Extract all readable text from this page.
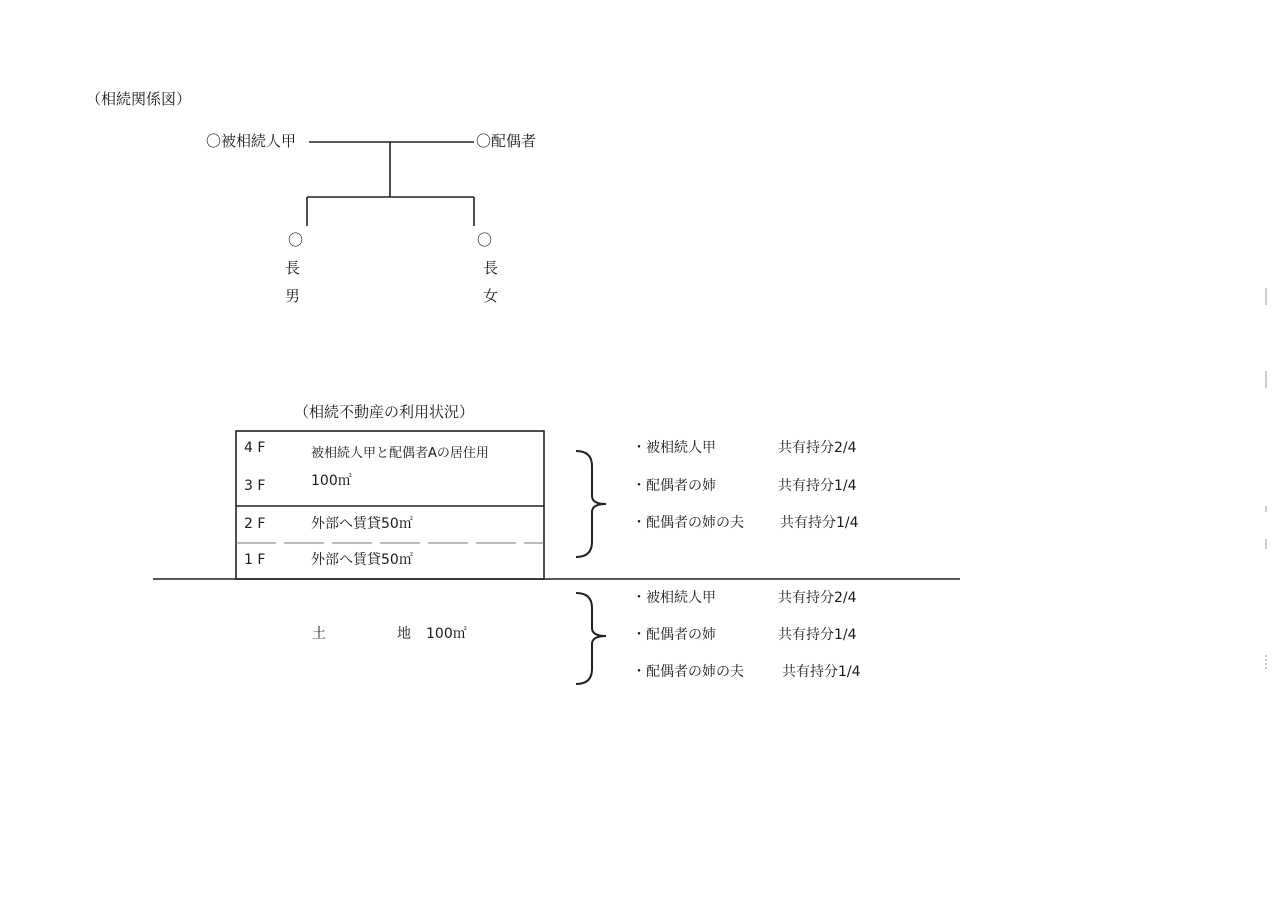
（相続関係図）
〇被相続人甲	〇配偶者
〇
長
男
〇
長
女
（相続不動産の利用状況）
4 F	被相続人甲と配偶者Aの居住用
3 F	100㎡
2 F	外部へ賃貸50㎡
1 F	外部へ賃貸50㎡
・被相続人甲	共有持分2/4
・配偶者の姉	共有持分1/4
・配偶者の姉の夫	共有持分1/4
土	地 100㎡
・被相続人甲	共有持分2/4
・配偶者の姉	共有持分1/4
・配偶者の姉の夫	共有持分1/4
